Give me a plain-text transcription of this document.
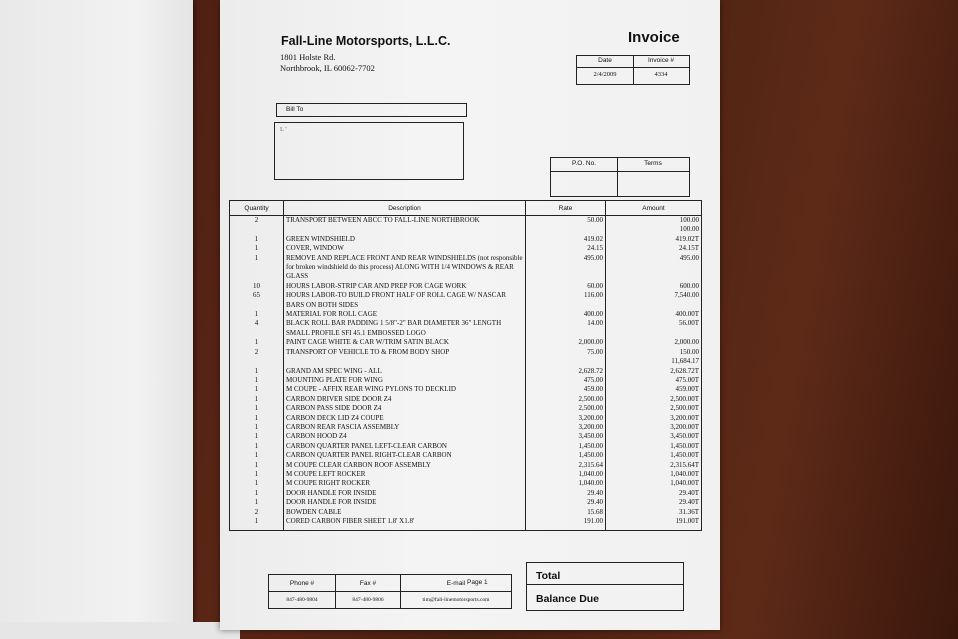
Fall-Line Motorsports, L.L.C.
1801 Holste Rd.
Northbrook, IL 60062-7702
Invoice
Date	Invoice #
2/4/2009	4334
Bill To
L '
P.O. No.	Terms
Quantity	Description	Rate	Amount
2	TRANSPORT BETWEEN ABCC TO FALL-LINE NORTHBROOK	50.00	100.00
			100.00
1	GREEN WINDSHIELD	419.02	419.02T
1	COVER, WINDOW	24.15	24.15T
1	REMOVE AND REPLACE FRONT AND REAR WINDSHIELDS (not responsible for broken windshield do this process) ALONG WITH 1/4 WINDOWS & REAR GLASS	495.00	495.00
10	HOURS LABOR-STRIP CAR AND PREP FOR CAGE WORK	60.00	600.00
65	HOURS LABOR-TO BUILD FRONT HALF OF ROLL CAGE W/ NASCAR BARS ON BOTH SIDES	116.00	7,540.00
1	MATERIAL FOR ROLL CAGE	400.00	400.00T
4	BLACK ROLL BAR PADDING 1 5/8"-2" BAR DIAMETER 36" LENGTH SMALL PROFILE SFI 45.1 EMBOSSED LOGO	14.00	56.00T
1	PAINT CAGE WHITE & CAR W/TRIM SATIN BLACK	2,000.00	2,000.00
2	TRANSPORT OF VEHICLE TO & FROM BODY SHOP	75.00	150.00
			11,684.17

1	GRAND AM SPEC WING - ALL	2,628.72	2,628.72T
1	MOUNTING PLATE FOR WING	475.00	475.00T
1	M COUPE - AFFIX REAR WING PYLONS TO DECKLID	459.00	459.00T
1	CARBON DRIVER SIDE DOOR Z4	2,500.00	2,500.00T
1	CARBON PASS SIDE DOOR Z4	2,500.00	2,500.00T
1	CARBON DECK LID Z4 COUPE	3,200.00	3,200.00T
1	CARBON REAR FASCIA ASSEMBLY	3,200.00	3,200.00T
1	CARBON HOOD Z4	3,450.00	3,450.00T
1	CARBON QUARTER PANEL LEFT-CLEAR CARBON	1,450.00	1,450.00T
1	CARBON QUARTER PANEL RIGHT-CLEAR CARBON	1,450.00	1,450.00T
1	M COUPE CLEAR CARBON ROOF ASSEMBLY	2,315.64	2,315.64T
1	M COUPE LEFT ROCKER	1,040.00	1,040.00T
1	M COUPE RIGHT ROCKER	1,040.00	1,040.00T
1	DOOR HANDLE FOR INSIDE	29.40	29.40T
1	DOOR HANDLE FOR INSIDE	29.40	29.40T
2	BOWDEN CABLE	15.68	31.36T
1	CORED CARBON FIBER SHEET 1.8' X1.8'	191.00	191.00T

Phone #	Fax #	E-mail Page 1

847-480-9804	847-480-9806	tim@fall-linemotorsports.com
Total
Balance Due
